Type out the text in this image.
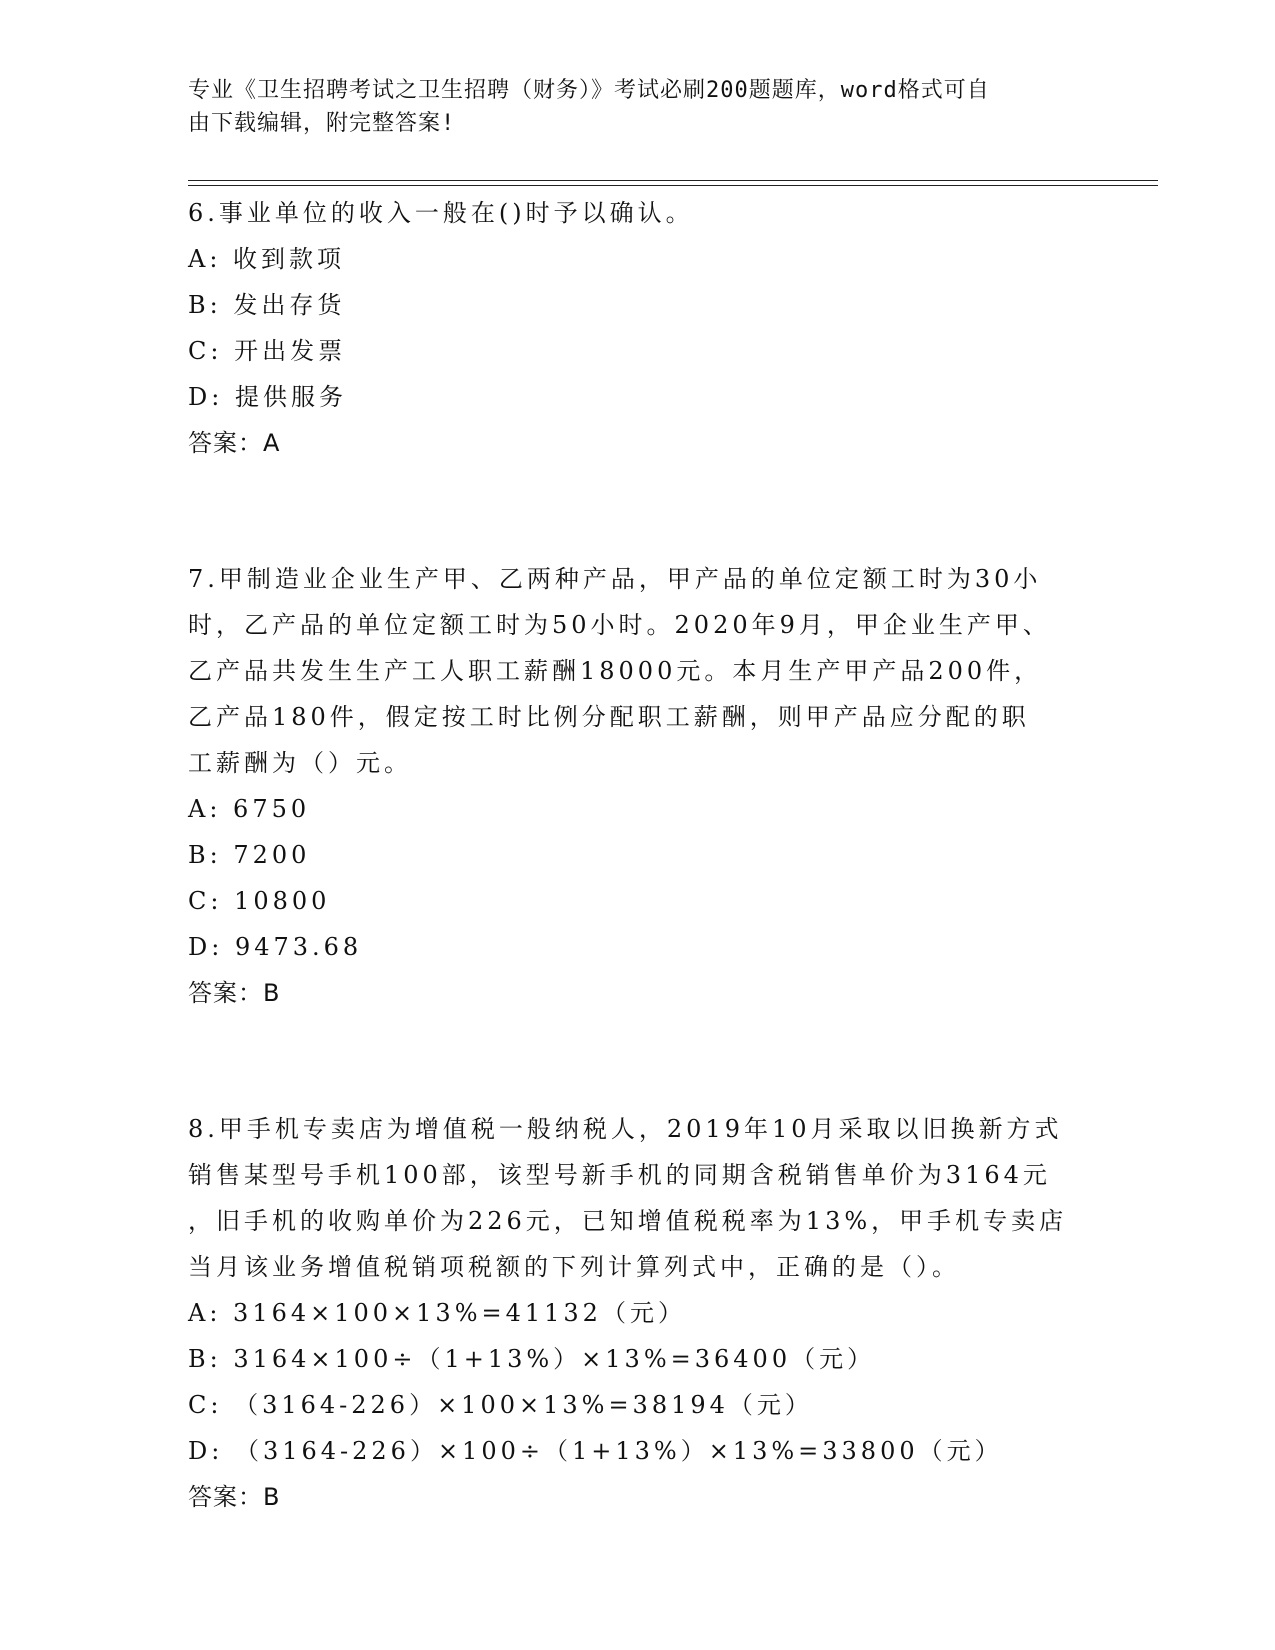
专业《卫生招聘考试之卫生招聘（财务）》考试必刷200题题库，word格式可自
由下载编辑，附完整答案!
6.事业单位的收入一般在()时予以确认。
A: 收到款项
B: 发出存货
C: 开出发票
D: 提供服务
答案：A
7.甲制造业企业生产甲、乙两种产品，甲产品的单位定额工时为30小
时，乙产品的单位定额工时为50小时。2020年9月，甲企业生产甲、
乙产品共发生生产工人职工薪酬18000元。本月生产甲产品200件，
乙产品180件，假定按工时比例分配职工薪酬，则甲产品应分配的职
工薪酬为（）元。
A: 6750
B: 7200
C: 10800
D: 9473.68
答案：B
8.甲手机专卖店为增值税一般纳税人，2019年10月采取以旧换新方式
销售某型号手机100部，该型号新手机的同期含税销售单价为3164元
，旧手机的收购单价为226元，已知增值税税率为13%，甲手机专卖店
当月该业务增值税销项税额的下列计算列式中，正确的是（）。
A: 3164×100×13%=41132（元）
B: 3164×100÷（1+13%）×13%=36400（元）
C: （3164-226）×100×13%=38194（元）
D: （3164-226）×100÷（1+13%）×13%=33800（元）
答案：B
